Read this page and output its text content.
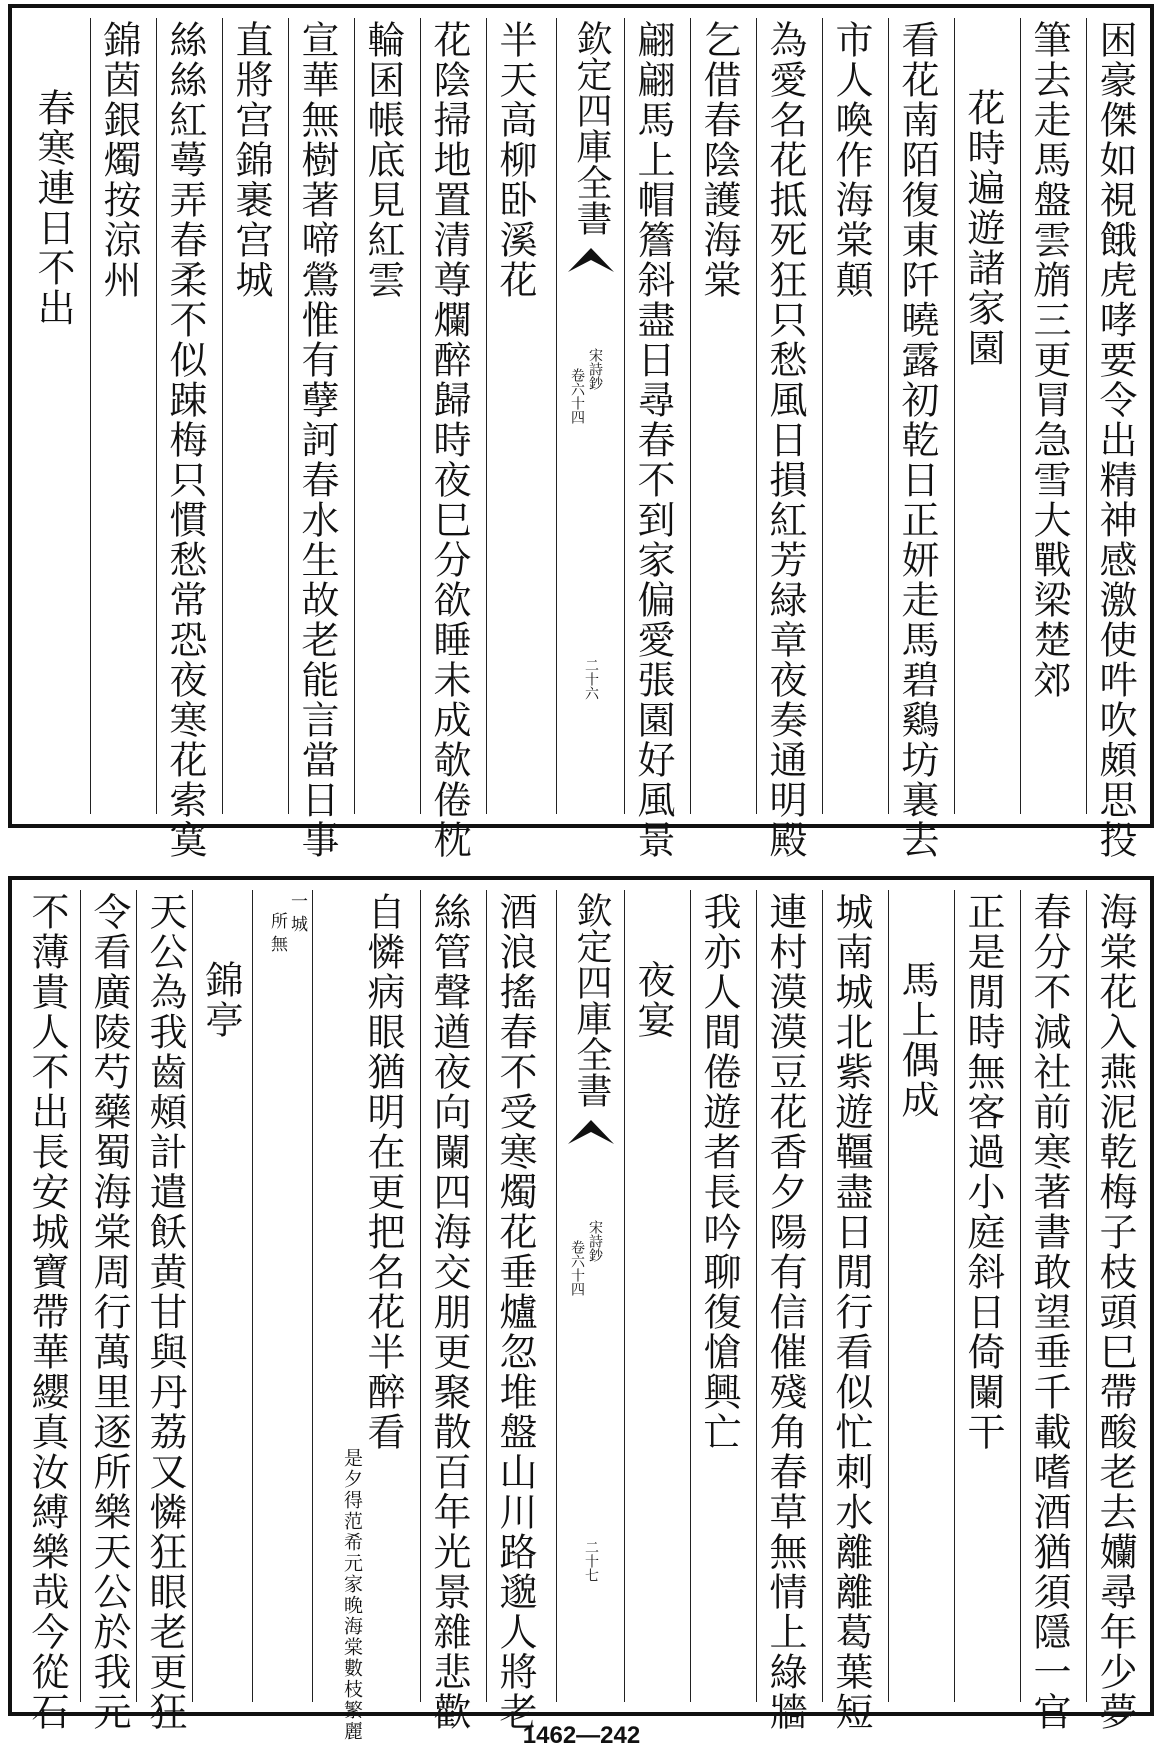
困豪傑如視餓虎哮要令出精神感激使吽吹頗思投
筆去走馬盤雲旓三更冐急雪大戰梁楚郊
花時遍遊諸家園
看花南陌復東阡曉露初乾日正妍走馬碧鷄坊裏去
市人喚作海棠顛
為愛名花抵死狂只愁風日損紅芳緑章夜奏通明殿
乞借春陰護海棠
翩翩馬上帽簷斜盡日尋春不到家偏愛張園好風景
欽定四庫全書
宋詩鈔
卷六十四
二十六
半天高柳卧溪花
花陰掃地置清尊爛醉歸時夜巳分欲睡未成欹倦枕
輪囷帳底見紅雲
宣華無樹著啼鶯惟有孽訶春水生故老能言當日事
直將宫錦裹宫城
絲絲紅蕚弄春柔不似踈梅只慣愁常恐夜寒花索寞
錦茵銀燭按涼州
春寒連日不出
海棠花入燕泥乾梅子枝頭巳帶酸老去孏尋年少夢
春分不減社前寒著書敢望垂千載嗜酒猶須隱一官
正是閒時無客過小庭斜日倚闌干
馬上偶成
城南城北紫遊韁盡日閒行看似忙刺水離離葛葉短
連村漠漠豆花香夕陽有信催殘角春草無情上綠牆
我亦人間倦遊者長吟聊復愴興亡
夜宴
欽定四庫全書
宋詩鈔
卷六十四
二十七
酒浪搖春不受寒燭花垂爐忽堆盤山川路邈人將老
絲管聲遒夜向闌四海交朋更聚散百年光景雜悲歡
自憐病眼猶明在更把名花半醉看
是夕得范希元家晚海棠數枝繁麗
一城
所無
錦亭
天公為我齒頰計遣飫黄甘與丹荔又憐狂眼老更狂
令看廣陵芍藥蜀海棠周行萬里逐所樂天公於我元
不薄貴人不出長安城寶帶華纓真汝縛樂哉今從石
1462—242
